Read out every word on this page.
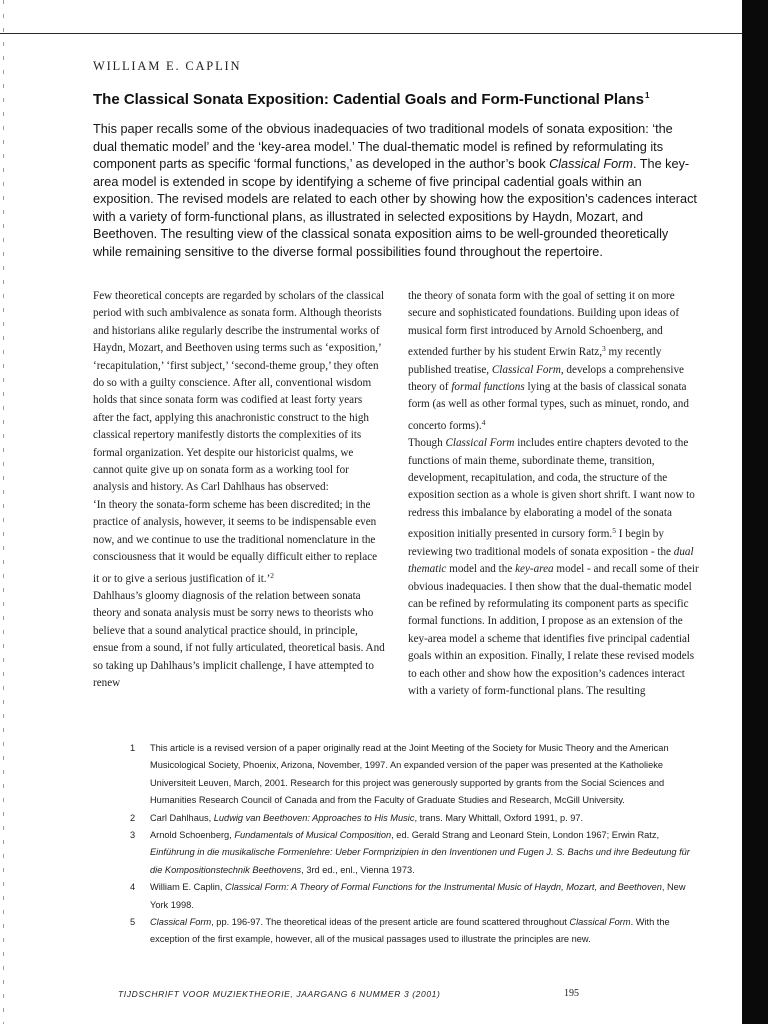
WILLIAM E. CAPLIN
The Classical Sonata Exposition: Cadential Goals and Form-Functional Plans$^1$

This paper recalls some of the obvious inadequacies of two traditional models of sonata exposition: ‘the dual thematic model’ and the ‘key-area model.’ The dual-thematic model is refined by reformulating its component parts as specific ‘formal functions,’ as developed in the author’s book Classical Form. The key-area model is extended in scope by identifying a scheme of five principal cadential goals within an exposition. The revised models are related to each other by showing how the exposition’s cadences interact with a variety of form-functional plans, as illustrated in selected expositions by Haydn, Mozart, and Beethoven. The resulting view of the classical sonata exposition aims to be well-grounded theoretically while remaining sensitive to the diverse formal possibilities found throughout the repertoire.

Few theoretical concepts are regarded by scholars of the classical period with such ambivalence as sonata form. Although theorists and historians alike regularly describe the instrumental works of Haydn, Mozart, and Beethoven using terms such as ‘exposition,’ ‘recapitulation,’ ‘first subject,’ ‘second-theme group,’ they often do so with a guilty conscience. After all, conventional wisdom holds that since sonata form was codified at least forty years after the fact, applying this anachronistic construct to the high classical repertory manifestly distorts the complexities of its formal organization. Yet despite our historicist qualms, we cannot quite give up on sonata form as a working tool for analysis and history. As Carl Dahlhaus has observed:

‘In theory the sonata-form scheme has been discredited; in the practice of analysis, however, it seems to be indispensable even now, and we continue to use the traditional nomenclature in the consciousness that it would be equally difficult either to replace it or to give a serious justification of it.’$^2$

Dahlhaus’s gloomy diagnosis of the relation between sonata theory and sonata analysis must be sorry news to theorists who believe that a sound analytical practice should, in principle, ensue from a sound, if not fully articulated, theoretical basis. And so taking up Dahlhaus’s implicit challenge, I have attempted to renew

the theory of sonata form with the goal of setting it on more secure and sophisticated foundations. Building upon ideas of musical form first introduced by Arnold Schoenberg, and extended further by his student Erwin Ratz,$^3$ my recently published treatise, Classical Form, develops a comprehensive theory of formal functions lying at the basis of classical sonata form (as well as other formal types, such as minuet, rondo, and concerto forms).$^4$

Though Classical Form includes entire chapters devoted to the functions of main theme, subordinate theme, transition, development, recapitulation, and coda, the structure of the exposition section as a whole is given short shrift. I want now to redress this imbalance by elaborating a model of the sonata exposition initially presented in cursory form.$^5$ I begin by reviewing two traditional models of sonata exposition - the dual thematic model and the key-area model - and recall some of their obvious inadequacies. I then show that the dual-thematic model can be refined by reformulating its component parts as specific formal functions. In addition, I propose as an extension of the key-area model a scheme that identifies five principal cadential goals within an exposition. Finally, I relate these revised models to each other and show how the exposition’s cadences interact with a variety of form-functional plans. The resulting

1 This article is a revised version of a paper originally read at the Joint Meeting of the Society for Music Theory and the American Musicological Society, Phoenix, Arizona, November, 1997. An expanded version of the paper was presented at the Katholieke Universiteit Leuven, March, 2001. Research for this project was generously supported by grants from the Social Sciences and Humanities Research Council of Canada and from the Faculty of Graduate Studies and Research, McGill University.
2 Carl Dahlhaus, Ludwig van Beethoven: Approaches to His Music, trans. Mary Whittall, Oxford 1991, p. 97.
3 Arnold Schoenberg, Fundamentals of Musical Composition, ed. Gerald Strang and Leonard Stein, London 1967; Erwin Ratz, Einführung in die musikalische Formenlehre: Ueber Formprizipien in den Inventionen und Fugen J. S. Bachs und ihre Bedeutung für die Kompositionstechnik Beethovens, 3rd ed., enl., Vienna 1973.
4 William E. Caplin, Classical Form: A Theory of Formal Functions for the Instrumental Music of Haydn, Mozart, and Beethoven, New York 1998.
5 Classical Form, pp. 196-97. The theoretical ideas of the present article are found scattered throughout Classical Form. With the exception of the first example, however, all of the musical passages used to illustrate the principles are new.
TIJDSCHRIFT VOOR MUZIEKTHEORIE, JAARGANG 6 NUMMER 3 (2001)	195
